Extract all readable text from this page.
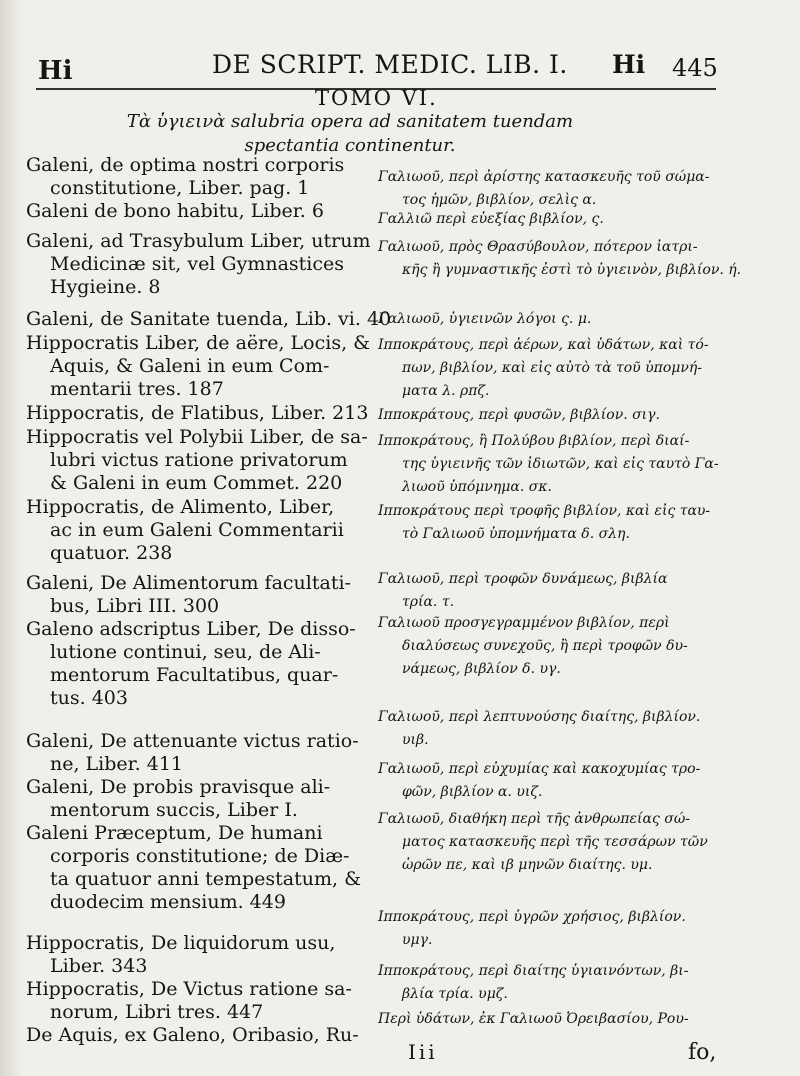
Hi	DE SCRIPT. MEDIC. LIB. I. Hi 445
TOMO VI.
Τὰ ὑγιεινὰ salubria opera ad sanitatem tuendam spectantia continentur.
Galeni, de optima nostri corporis
constitutione, Liber. pag. 1
Galeni de bono habitu, Liber. 6
Galeni, ad Trasybulum Liber, utrum
Medicinæ sit, vel Gymnastices
Hygieine. 8
Galeni, de Sanitate tuenda, Lib. vi. 40
Hippocratis Liber, de aëre, Locis, &
Aquis, & Galeni in eum Com-
mentarii tres. 187
Hippocratis, de Flatibus, Liber. 213
Hippocratis vel Polybii Liber, de sa-
lubri victus ratione privatorum
& Galeni in eum Commet. 220
Hippocratis, de Alimento, Liber,
ac in eum Galeni Commentarii
quatuor. 238
Galeni, De Alimentorum facultati-
bus, Libri III. 300
Galeno adscriptus Liber, De disso-
lutione continui, seu, de Ali-
mentorum Facultatibus, quar-
tus. 403
Galeni, De attenuante victus ratio-
ne, Liber. 411
Galeni, De probis pravisque ali-
mentorum succis, Liber I.
Galeni Præceptum, De humani
corporis constitutione; de Diæ-
ta quatuor anni tempestatum, &
duodecim mensium. 449
Hippocratis, De liquidorum usu,
Liber. 343
Hippocratis, De Victus ratione sa-
norum, Libri tres. 447
De Aquis, ex Galeno, Oribasio, Ru-
Γαλιωοῦ, περὶ ἀρίστης κατασκευῆς τοῦ σώμα-
τος ἡμῶν, βιβλίον, σελὶς α.
Γαλλιῶ περὶ εὐεξίας βιβλίον, ς.
Γαλιωοῦ, πρὸς Θρασύβουλον, πότερον ἰατρι-
κῆς ἢ γυμναστικῆς ἐστὶ τὸ ὑγιεινὸν, βιβλίον. ή.
Γαλιωοῦ, ὑγιεινῶν λόγοι ς. μ.
Ιπποκράτους, περὶ ἀέρων, καὶ ὑδάτων, καὶ τό-
πων, βιβλίον, καὶ εἰς αὐτὸ τὰ τοῦ ὑπομνή-
ματα λ. ρπζ.
Ιπποκράτους, περὶ φυσῶν, βιβλίον. σιγ.
Ιπποκράτους, ἢ Πολύβου βιβλίον, περὶ διαί-
της ὑγιεινῆς τῶν ἰδιωτῶν, καὶ εἰς ταυτὸ Γα-
λιωοῦ ὑπόμνημα. σκ.
Ιπποκράτους περὶ τροφῆς βιβλίον, καὶ εἰς ταυ-
τὸ Γαλιωοῦ ὑπομνήματα δ. σλη.
Γαλιωοῦ, περὶ τροφῶν δυνάμεως, βιβλία
τρία. τ.
Γαλιωοῦ προσγεγραμμένον βιβλίον, περὶ
διαλύσεως συνεχοῦς, ἢ περὶ τροφῶν δυ-
νάμεως, βιβλίον δ. υγ.
Γαλιωοῦ, περὶ λεπτυνούσης διαίτης, βιβλίον.
υιβ.
Γαλιωοῦ, περὶ εὐχυμίας καὶ κακοχυμίας τρο-
φῶν, βιβλίον α. υιζ.
Γαλιωοῦ, διαθήκη περὶ τῆς ἀνθρωπείας σώ-
ματος κατασκευῆς περὶ τῆς τεσσάρων τῶν
ὡρῶν πε, καὶ ιβ μηνῶν διαίτης. υμ.
Ιπποκράτους, περὶ ὑγρῶν χρήσιος, βιβλίον.
υμγ.
Ιπποκράτους, περὶ διαίτης ὑγιαινόντων, βι-
βλία τρία. υμζ.
Περὶ ὑδάτων, ἐκ Γαλιωοῦ Ὀρειβασίου, Ρου-
Iii	fo,
